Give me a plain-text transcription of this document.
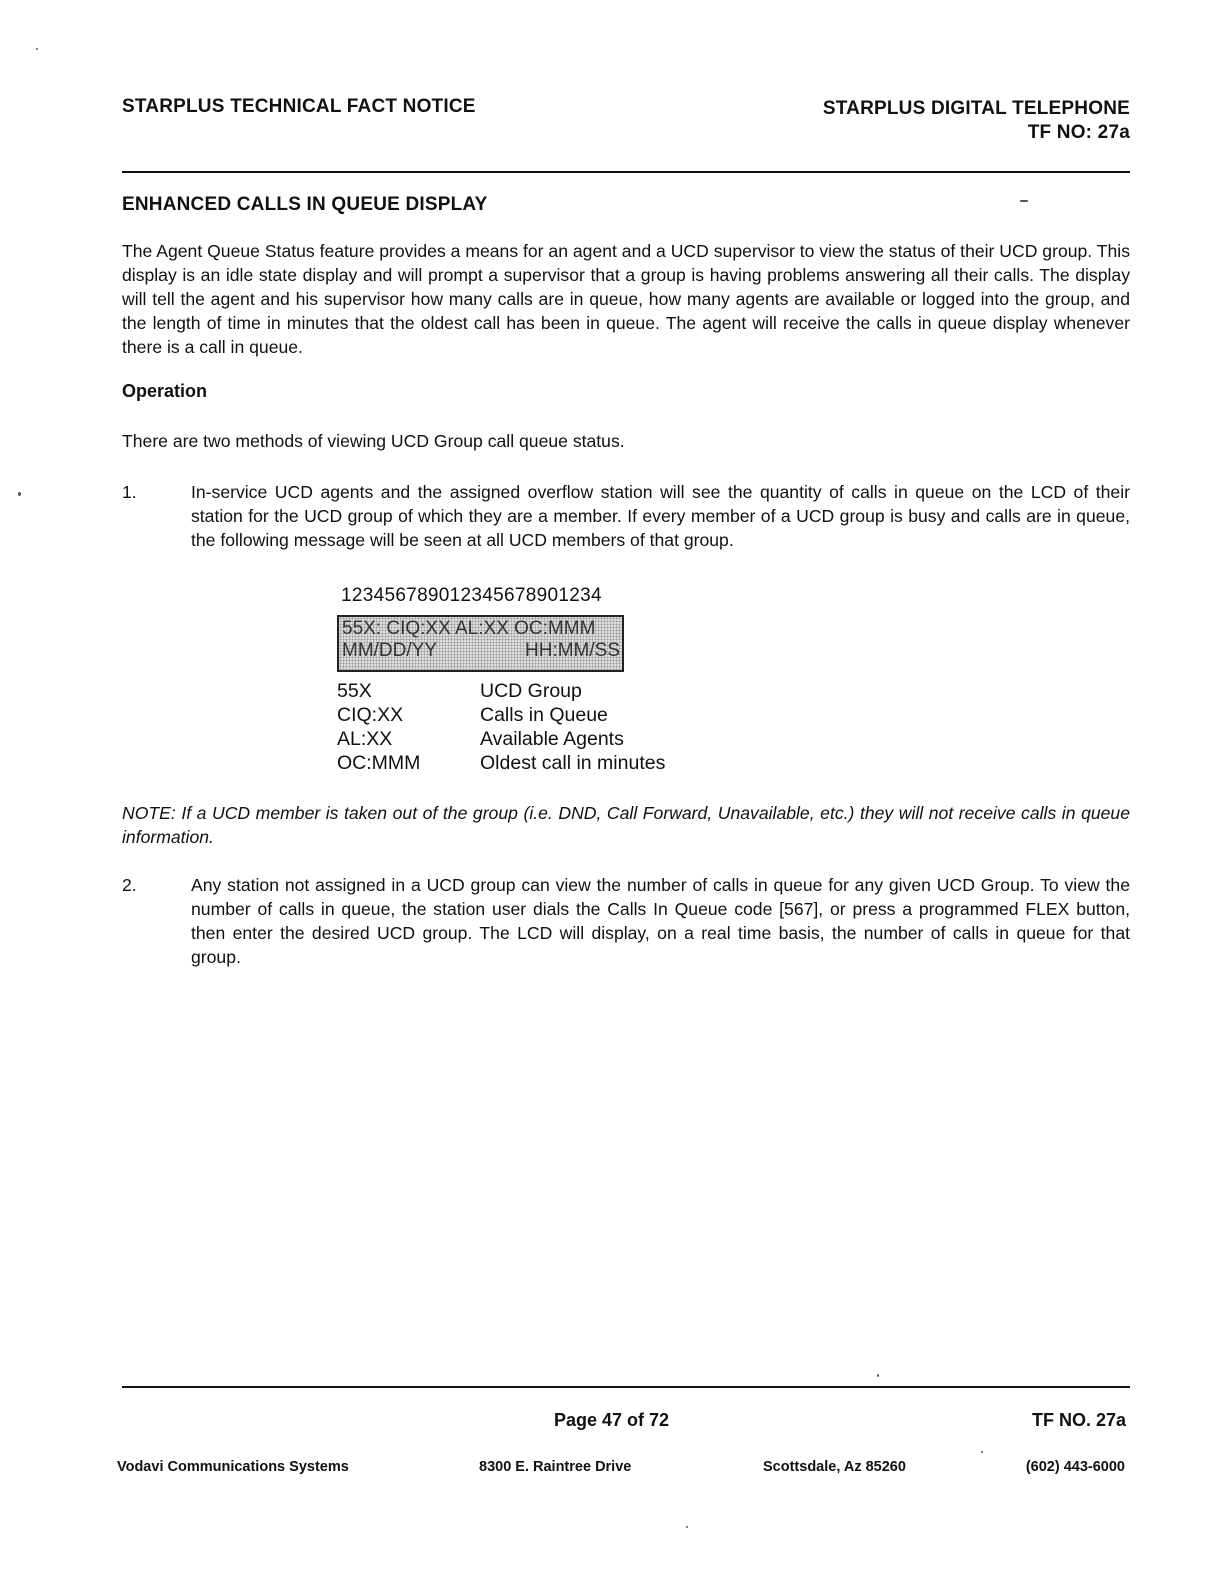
STARPLUS TECHNICAL FACT NOTICE	STARPLUS DIGITAL TELEPHONE
TF NO: 27a
ENHANCED CALLS IN QUEUE DISPLAY
The Agent Queue Status feature provides a means for an agent and a UCD supervisor to view the status of their UCD group. This display is an idle state display and will prompt a supervisor that a group is having problems answering all their calls. The display will tell the agent and his supervisor how many calls are in queue, how many agents are available or logged into the group, and the length of time in minutes that the oldest call has been in queue. The agent will receive the calls in queue display whenever there is a call in queue.
Operation
There are two methods of viewing UCD Group call queue status.
1.	In-service UCD agents and the assigned overflow station will see the quantity of calls in queue on the LCD of their station for the UCD group of which they are a member. If every member of a UCD group is busy and calls are in queue, the following message will be seen at all UCD members of that group.
123456789012345678901234
55X: CIQ:XX AL:XX OC:MMM
MM/DD/YY	HH:MM/SS
55X	UCD Group
CIQ:XX	Calls in Queue
AL:XX	Available Agents
OC:MMM	Oldest call in minutes
NOTE: If a UCD member is taken out of the group (i.e. DND, Call Forward, Unavailable, etc.) they will not receive calls in queue information.
2.	Any station not assigned in a UCD group can view the number of calls in queue for any given UCD Group. To view the number of calls in queue, the station user dials the Calls In Queue code [567], or press a programmed FLEX button, then enter the desired UCD group. The LCD will display, on a real time basis, the number of calls in queue for that group.
Page 47 of 72	TF NO. 27a
Vodavi Communications Systems	8300 E. Raintree Drive	Scottsdale, Az 85260	(602) 443-6000
